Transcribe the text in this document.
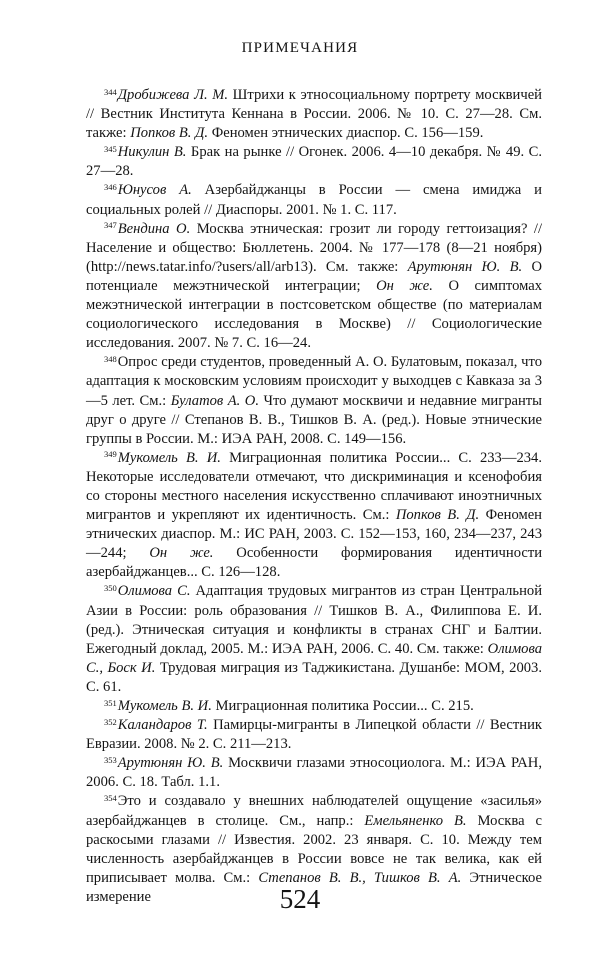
ПРИМЕЧАНИЯ

$^{344}$Дробижева Л. М. Штрихи к этносоциальному портрету москвичей // Вестник Института Кеннана в России. 2006. № 10. С. 27—28. См. также: Попков В. Д. Феномен этнических диаспор. С. 156—159.

$^{345}$Никулин В. Брак на рынке // Огонек. 2006. 4—10 декабря. № 49. С. 27—28.

$^{346}$Юнусов А. Азербайджанцы в России — смена имиджа и социальных ролей // Диаспоры. 2001. № 1. С. 117.

$^{347}$Вендина О. Москва этническая: грозит ли городу геттоизация? // Население и общество: Бюллетень. 2004. № 177—178 (8—21 ноября) (http://news.tatar.info/?users/all/arb13). См. также: Арутюнян Ю. В. О потенциале межэтнической интеграции; Он же. О симптомах межэтнической интеграции в постсоветском обществе (по материалам социологического исследования в Москве) // Социологические исследования. 2007. № 7. С. 16—24.

$^{348}$Опрос среди студентов, проведенный А. О. Булатовым, показал, что адаптация к московским условиям происходит у выходцев с Кавказа за 3—5 лет. См.: Булатов А. О. Что думают москвичи и недавние мигранты друг о друге // Степанов В. В., Тишков В. А. (ред.). Новые этнические группы в России. М.: ИЭА РАН, 2008. С. 149—156.

$^{349}$Мукомель В. И. Миграционная политика России... С. 233—234. Некоторые исследователи отмечают, что дискриминация и ксенофобия со стороны местного населения искусственно сплачивают иноэтничных мигрантов и укрепляют их идентичность. См.: Попков В. Д. Феномен этнических диаспор. М.: ИС РАН, 2003. С. 152—153, 160, 234—237, 243—244; Он же. Особенности формирования идентичности азербайджанцев... С. 126—128.

$^{350}$Олимова С. Адаптация трудовых мигрантов из стран Центральной Азии в России: роль образования // Тишков В. А., Филиппова Е. И. (ред.). Этническая ситуация и конфликты в странах СНГ и Балтии. Ежегодный доклад, 2005. М.: ИЭА РАН, 2006. С. 40. См. также: Олимова С., Боск И. Трудовая миграция из Таджикистана. Душанбе: МОМ, 2003. С. 61.

$^{351}$Мукомель В. И. Миграционная политика России... С. 215.

$^{352}$Каландаров Т. Памирцы-мигранты в Липецкой области // Вестник Евразии. 2008. № 2. С. 211—213.

$^{353}$Арутюнян Ю. В. Москвичи глазами этносоциолога. М.: ИЭА РАН, 2006. С. 18. Табл. 1.1.

$^{354}$Это и создавало у внешних наблюдателей ощущение «засилья» азербайджанцев в столице. См., напр.: Емельяненко В. Москва с раскосыми глазами // Известия. 2002. 23 января. С. 10. Между тем численность азербайджанцев в России вовсе не так велика, как ей приписывает молва. См.: Степанов В. В., Тишков В. А. Этническое измерение	524
